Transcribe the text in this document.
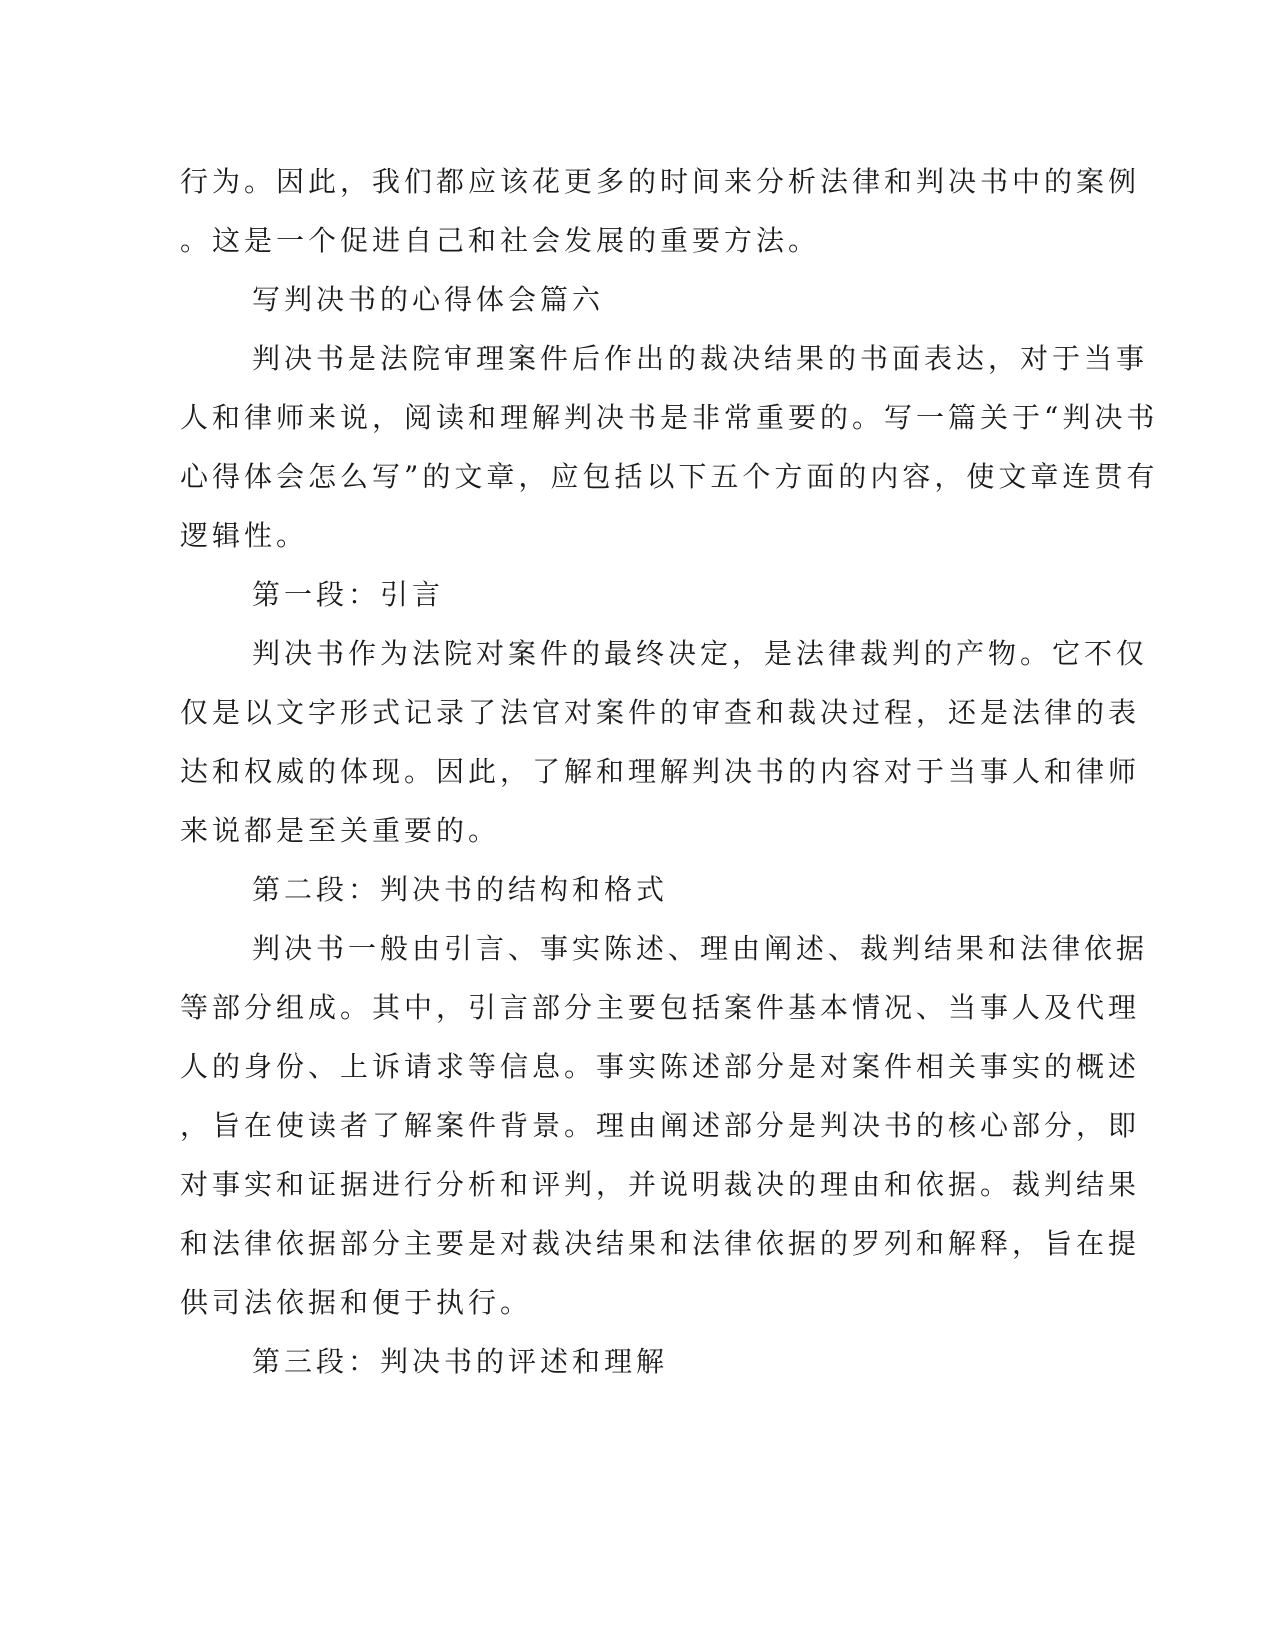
行为。因此，我们都应该花更多的时间来分析法律和判决书中的案例
。这是一个促进自己和社会发展的重要方法。
写判决书的心得体会篇六
判决书是法院审理案件后作出的裁决结果的书面表达，对于当事
人和律师来说，阅读和理解判决书是非常重要的。写一篇关于“判决书
心得体会怎么写”的文章，应包括以下五个方面的内容，使文章连贯有
逻辑性。
第一段：引言
判决书作为法院对案件的最终决定，是法律裁判的产物。它不仅
仅是以文字形式记录了法官对案件的审查和裁决过程，还是法律的表
达和权威的体现。因此，了解和理解判决书的内容对于当事人和律师
来说都是至关重要的。
第二段：判决书的结构和格式
判决书一般由引言、事实陈述、理由阐述、裁判结果和法律依据
等部分组成。其中，引言部分主要包括案件基本情况、当事人及代理
人的身份、上诉请求等信息。事实陈述部分是对案件相关事实的概述
，旨在使读者了解案件背景。理由阐述部分是判决书的核心部分，即
对事实和证据进行分析和评判，并说明裁决的理由和依据。裁判结果
和法律依据部分主要是对裁决结果和法律依据的罗列和解释，旨在提
供司法依据和便于执行。
第三段：判决书的评述和理解
